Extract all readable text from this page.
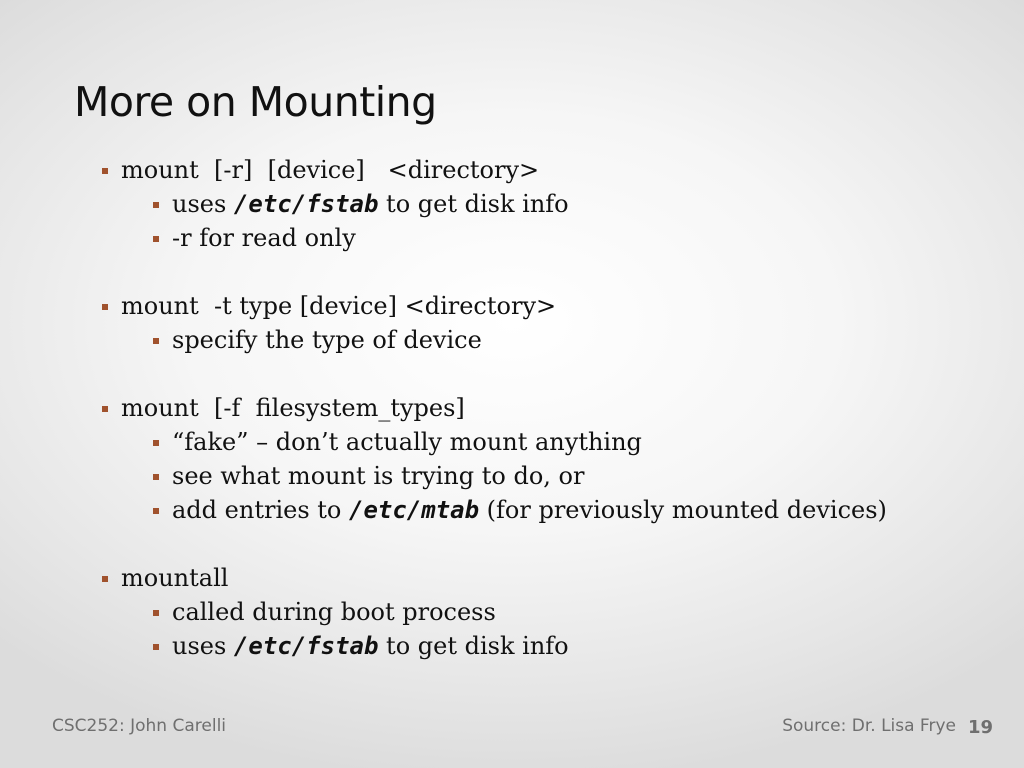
More on Mounting
mount  [-r]  [device]   <directory>
uses /etc/fstab to get disk info
-r for read only
mount  -t type [device] <directory>
specify the type of device
mount  [-f  filesystem_types]
“fake” – don’t actually mount anything
see what mount is trying to do, or
add entries to /etc/mtab (for previously mounted devices)
mountall
called during boot process
uses /etc/fstab to get disk info
CSC252: John Carelli	Source: Dr. Lisa Frye 19
